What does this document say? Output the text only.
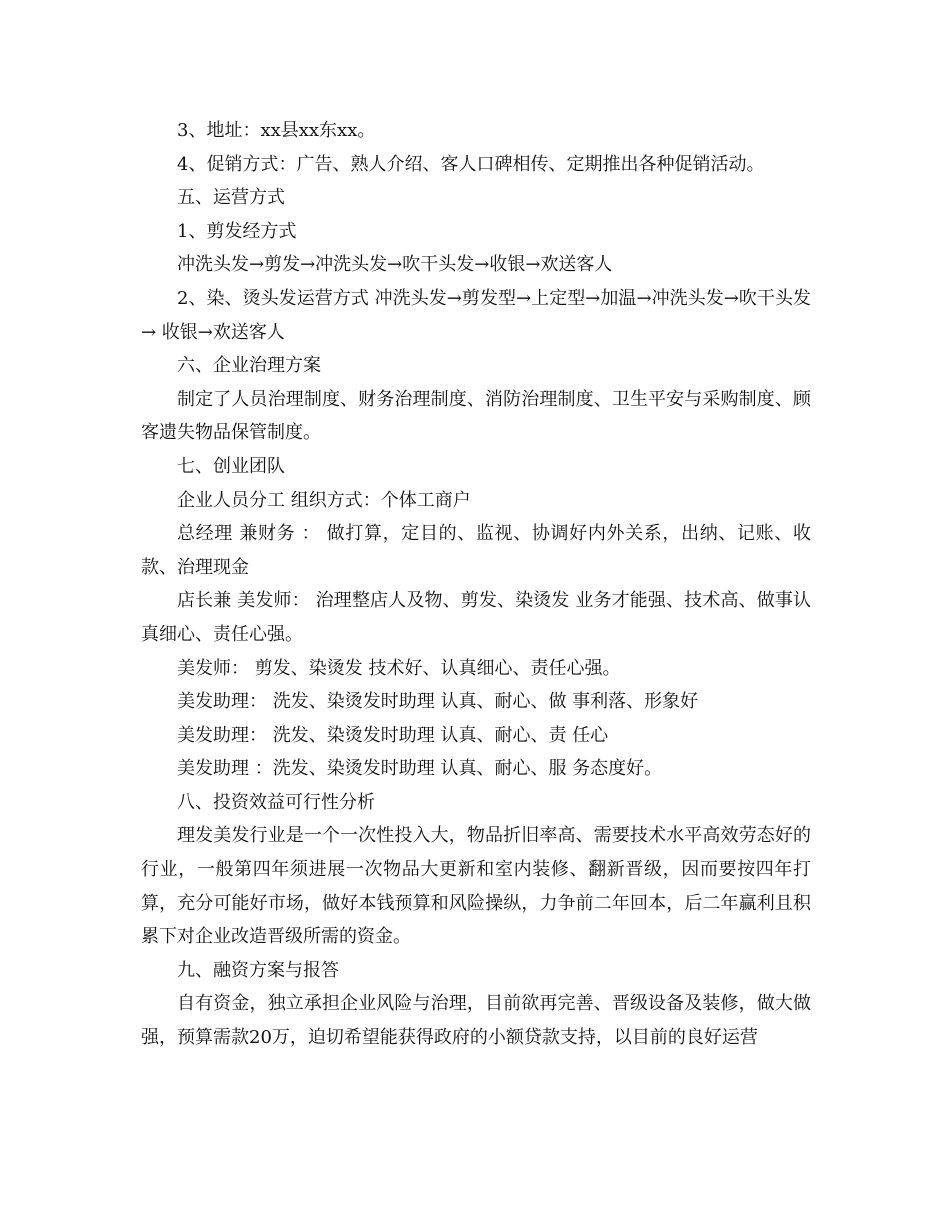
3、地址：xx县xx东xx。

4、促销方式：广告、熟人介绍、客人口碑相传、定期推出各种促销活动。

五、运营方式

1、剪发经方式

冲洗头发→剪发→冲洗头发→吹干头发→收银→欢送客人

2、染、烫头发运营方式 冲洗头发→剪发型→上定型→加温→冲洗头发→吹干头发→ 收银→欢送客人

六、企业治理方案

制定了人员治理制度、财务治理制度、消防治理制度、卫生平安与采购制度、顾客遗失物品保管制度。

七、创业团队

企业人员分工 组织方式：个体工商户

总经理 兼财务 ： 做打算，定目的、监视、协调好内外关系，出纳、记账、收款、治理现金

店长兼 美发师： 治理整店人及物、剪发、染烫发 业务才能强、技术高、做事认真细心、责任心强。

美发师： 剪发、染烫发 技术好、认真细心、责任心强。

美发助理： 洗发、染烫发时助理 认真、耐心、做 事利落、形象好

美发助理： 洗发、染烫发时助理 认真、耐心、责 任心

美发助理 ：洗发、染烫发时助理 认真、耐心、服 务态度好。

八、投资效益可行性分析

理发美发行业是一个一次性投入大，物品折旧率高、需要技术水平高效劳态好的行业，一般第四年须进展一次物品大更新和室内装修、翻新晋级，因而要按四年打算，充分可能好市场，做好本钱预算和风险操纵，力争前二年回本，后二年赢利且积累下对企业改造晋级所需的资金。

九、融资方案与报答

自有资金，独立承担企业风险与治理，目前欲再完善、晋级设备及装修，做大做强，预算需款20万，迫切希望能获得政府的小额贷款支持，以目前的良好运营
